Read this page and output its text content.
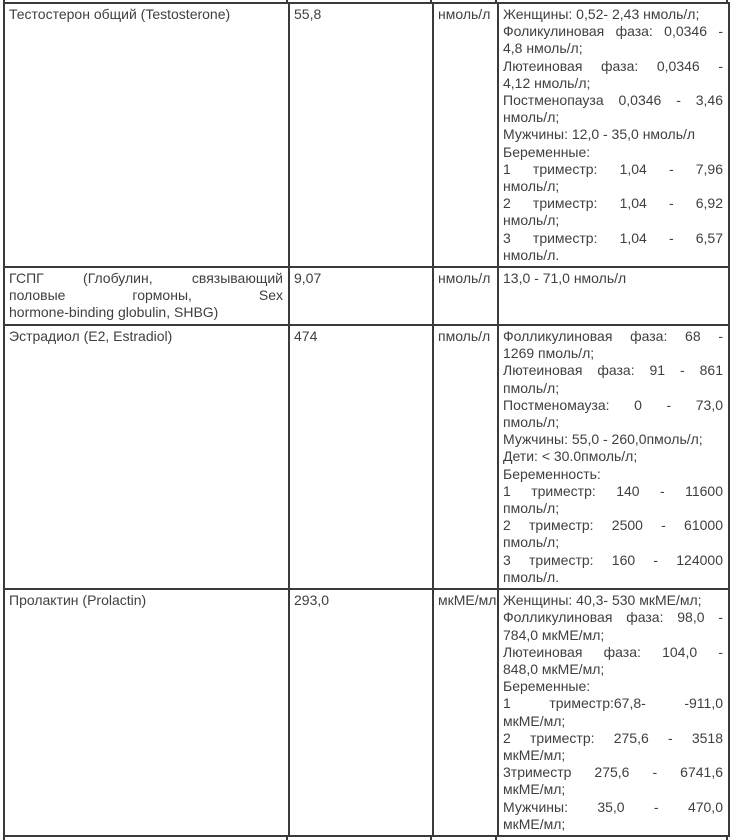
Тестостерон общий (Testosterone)	55,8	нмоль/л	Женщины: 0,52- 2,43 нмоль/л;
Фоликулиновая фаза: 0,0346 -
4,8 нмоль/л;
Лютеиновая фаза: 0,0346 -
4,12 нмоль/л;
Постменопауза 0,0346 - 3,46
нмоль/л;
Мужчины: 12,0 - 35,0 нмоль/л
Беременные:
1 триместр: 1,04 - 7,96
нмоль/л;
2 триместр: 1,04 - 6,92
нмоль/л;
3 триместр: 1,04 - 6,57
нмоль/л.

ГСПГ (Глобулин, связывающий
половые гормоны, Sex
hormone-binding globulin, SHBG)	9,07	нмоль/л	13,0 - 71,0 нмоль/л

Эстрадиол (E2, Estradiol)	474	пмоль/л	Фолликулиновая фаза: 68 -
1269 пмоль/л;
Лютеиновая фаза: 91 - 861
пмоль/л;
Постменомауза: 0 - 73,0
пмоль/л;
Мужчины: 55,0 - 260,0пмоль/л;
Дети: < 30.0пмоль/л;
Беременность:
1 триместр: 140 - 11600
пмоль/л;
2 триместр: 2500 - 61000
пмоль/л;
3 триместр: 160 - 124000
пмоль/л.

Пролактин (Prolactin)	293,0	мкМЕ/мл	Женщины: 40,3- 530 мкМЕ/мл;
Фолликулиновая фаза: 98,0 -
784,0 мкМЕ/мл;
Лютеиновая фаза: 104,0 -
848,0 мкМЕ/мл;
Беременные:
1 триместр:67,8- -911,0
мкМЕ/мл;
2 триместр: 275,6 - 3518
мкМЕ/мл;
3триместр 275,6 - 6741,6
мкМЕ/мл;
Мужчины: 35,0 - 470,0
мкМЕ/мл;
